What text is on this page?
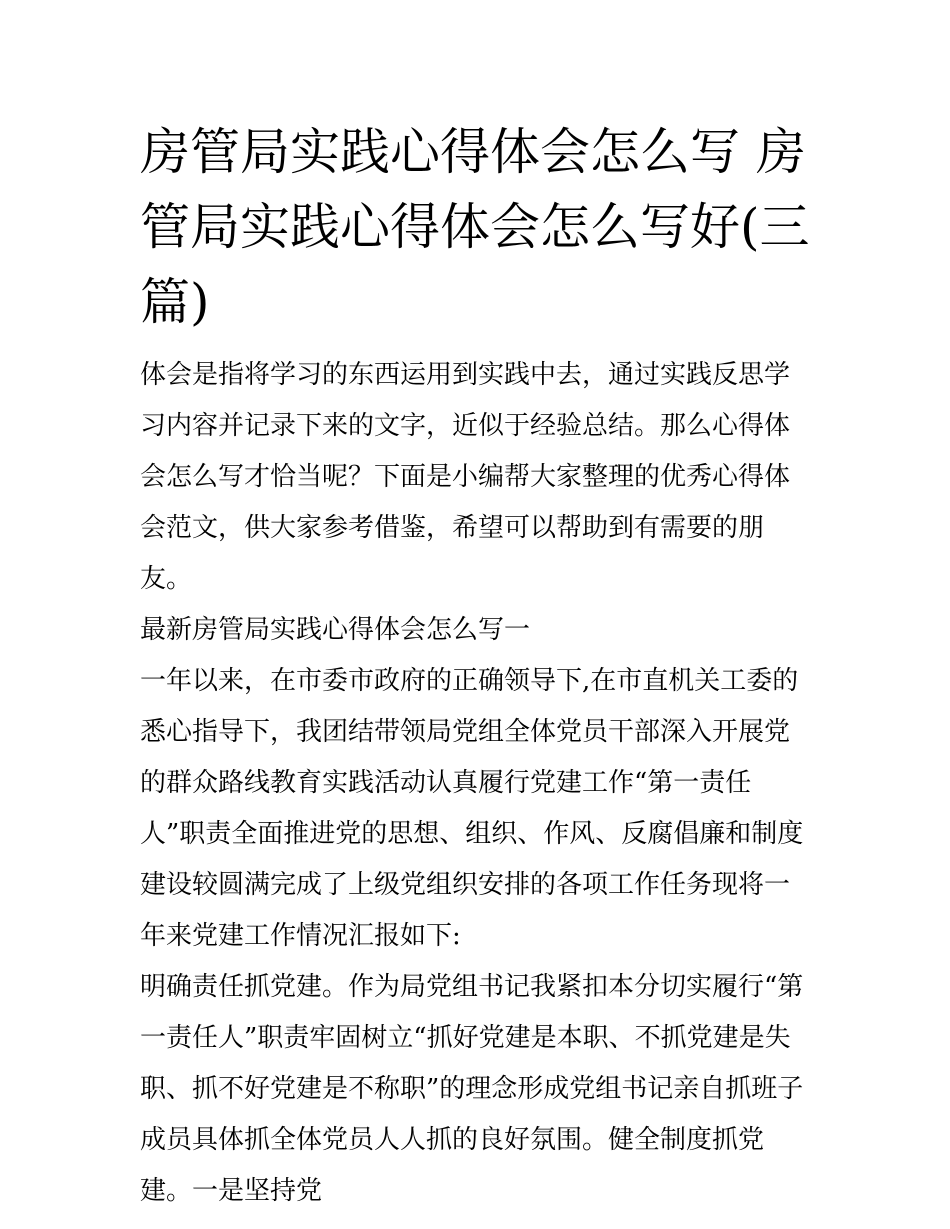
房管局实践心得体会怎么写 房管局实践心得体会怎么写好(三篇)

体会是指将学习的东西运用到实践中去，通过实践反思学习内容并记录下来的文字，近似于经验总结。那么心得体会怎么写才恰当呢？下面是小编帮大家整理的优秀心得体会范文，供大家参考借鉴，希望可以帮助到有需要的朋友。

最新房管局实践心得体会怎么写一

一年以来，在市委市政府的正确领导下,在市直机关工委的悉心指导下，我团结带领局党组全体党员干部深入开展党的群众路线教育实践活动认真履行党建工作“第一责任人”职责全面推进党的思想、组织、作风、反腐倡廉和制度建设较圆满完成了上级党组织安排的各项工作任务现将一年来党建工作情况汇报如下:

明确责任抓党建。作为局党组书记我紧扣本分切实履行“第一责任人”职责牢固树立“抓好党建是本职、不抓党建是失职、抓不好党建是不称职”的理念形成党组书记亲自抓班子成员具体抓全体党员人人抓的良好氛围。健全制度抓党建。一是坚持党
